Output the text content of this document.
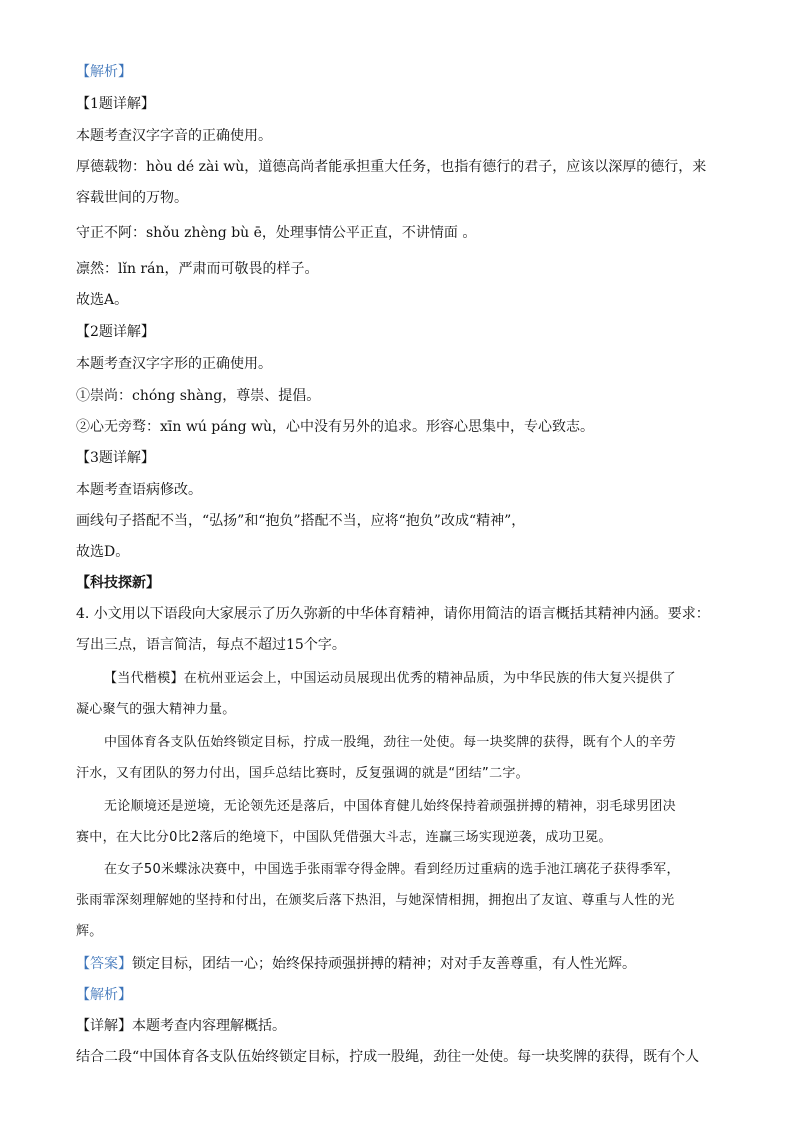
【解析】
【1题详解】
本题考查汉字字音的正确使用。
厚德载物：hòu dé zài wù，道德高尚者能承担重大任务，也指有德行的君子，应该以深厚的德行，来
容载世间的万物。
守正不阿：shǒu zhèng bù ē，处理事情公平正直，不讲情面 。
凛然：lǐn rán，严肃而可敬畏的样子。
故选A。
【2题详解】
本题考查汉字字形的正确使用。
①崇尚：chóng shàng，尊崇、提倡。
②心无旁骛：xīn wú páng wù，心中没有另外的追求。形容心思集中，专心致志。
【3题详解】
本题考查语病修改。
画线句子搭配不当，“弘扬”和“抱负”搭配不当，应将“抱负”改成“精神”，
故选D。
【科技探新】
4. 小文用以下语段向大家展示了历久弥新的中华体育精神，请你用简洁的语言概括其精神内涵。要求：
写出三点，语言简洁，每点不超过15个字。
【当代楷模】在杭州亚运会上，中国运动员展现出优秀的精神品质，为中华民族的伟大复兴提供了
凝心聚气的强大精神力量。
中国体育各支队伍始终锁定目标，拧成一股绳，劲往一处使。每一块奖牌的获得，既有个人的辛劳
汗水，又有团队的努力付出，国乒总结比赛时，反复强调的就是“团结”二字。
无论顺境还是逆境，无论领先还是落后，中国体育健儿始终保持着顽强拼搏的精神，羽毛球男团决
赛中，在大比分0比2落后的绝境下，中国队凭借强大斗志，连赢三场实现逆袭，成功卫冕。
在女子50米蝶泳决赛中，中国选手张雨霏夺得金牌。看到经历过重病的选手池江璃花子获得季军，
张雨霏深刻理解她的坚持和付出，在颁奖后落下热泪，与她深情相拥，拥抱出了友谊、尊重与人性的光
辉。
【答案】锁定目标，团结一心；始终保持顽强拼搏的精神；对对手友善尊重，有人性光辉。
【解析】
【详解】本题考查内容理解概括。
结合二段“中国体育各支队伍始终锁定目标，拧成一股绳，劲往一处使。每一块奖牌的获得，既有个人
